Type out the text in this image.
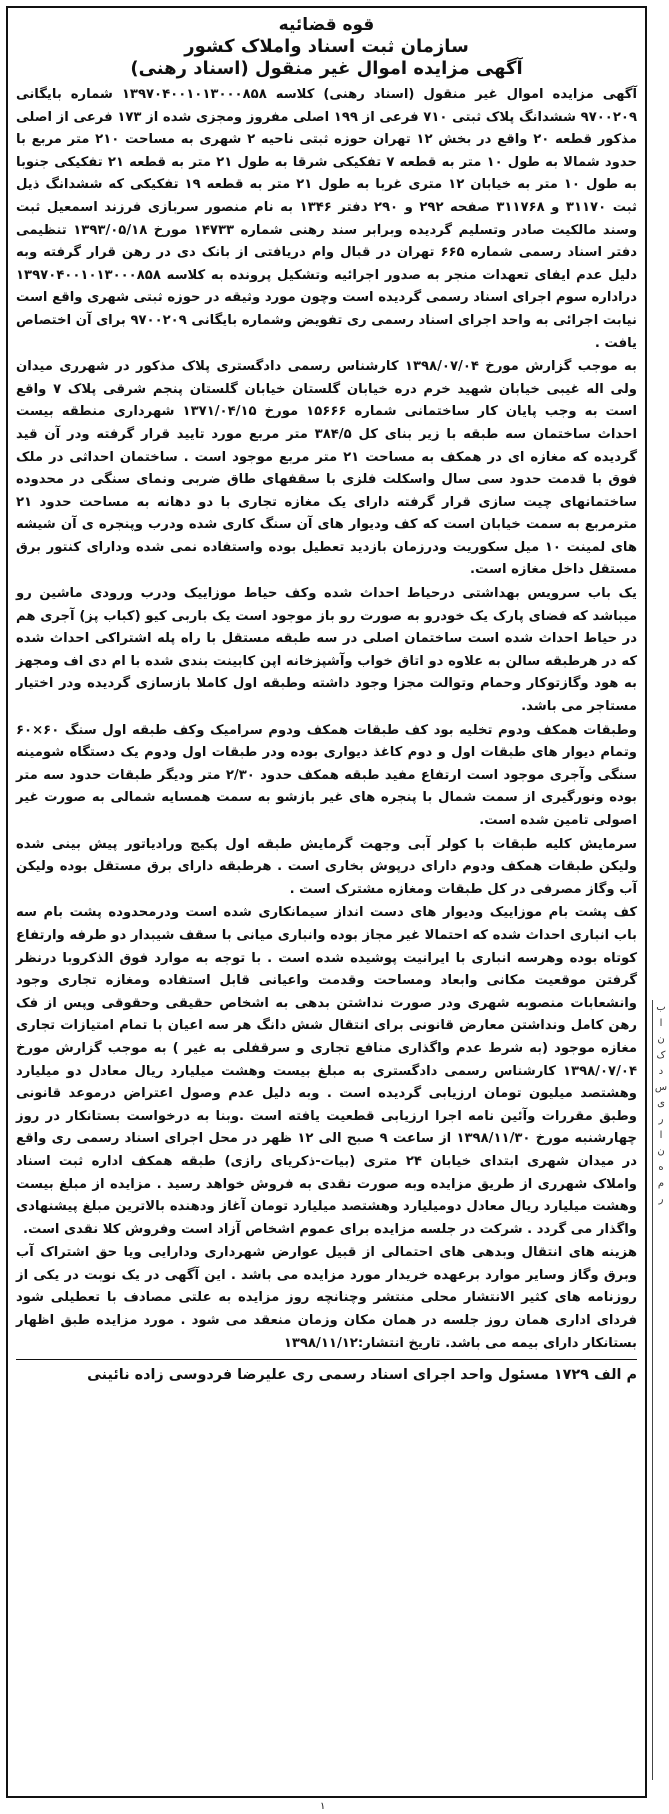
قوه قضائیه
سازمان ثبت اسناد واملاک کشور
آگهی مزایده اموال غیر منقول (اسناد رهنی)

آگهی مزایده اموال غیر منقول (اسناد رهنی) کلاسه ۱۳۹۷۰۴۰۰۱۰۱۳۰۰۰۸۵۸ شماره بایگانی ۹۷۰۰۲۰۹ ششدانگ پلاک ثبتی ۷۱۰ فرعی از ۱۹۹ اصلی مفروز ومجزی شده از ۱۷۳ فرعی از اصلی مذکور قطعه ۲۰ واقع در بخش ۱۲ تهران حوزه ثبتی ناحیه ۲ شهری به مساحت ۲۱۰ متر مربع با حدود شمالا به طول ۱۰ متر به قطعه ۷ تفکیکی شرقا به طول ۲۱ متر به قطعه ۲۱ تفکیکی جنوبا به طول ۱۰ متر به خیابان ۱۲ متری غربا به طول ۲۱ متر به قطعه ۱۹ تفکیکی که ششدانگ ذیل ثبت ۳۱۱۷۰ و ۳۱۱۷۶۸ صفحه ۲۹۲ و ۲۹۰ دفتر ۱۳۴۶ به نام منصور سربازی فرزند اسمعیل ثبت وسند مالکیت صادر وتسلیم گردیده وبرابر سند رهنی شماره ۱۴۷۳۳ مورخ ۱۳۹۳/۰۵/۱۸ تنظیمی دفتر اسناد رسمی شماره ۶۶۵ تهران در قبال وام دریافتی از بانک دی در رهن قرار گرفته وبه دلیل عدم ایفای تعهدات منجر به صدور اجرائیه وتشکیل پرونده به کلاسه ۱۳۹۷۰۴۰۰۱۰۱۳۰۰۰۸۵۸ دراداره سوم اجرای اسناد رسمی گردیده است وچون مورد وثیقه در حوزه ثبتی شهری واقع است نیابت اجرائی به واحد اجرای اسناد رسمی ری تفویض وشماره بایگانی ۹۷۰۰۲۰۹ برای آن اختصاص یافت .

به موجب گزارش مورخ ۱۳۹۸/۰۷/۰۴ کارشناس رسمی دادگستری پلاک مذکور در شهرری میدان ولی اله غیبی خیابان شهید خرم دره خیابان گلستان خیابان گلستان پنجم شرقی پلاک ۷ واقع است به وجب پایان کار ساختمانی شماره ۱۵۶۶۶ مورخ ۱۳۷۱/۰۴/۱۵ شهرداری منطقه بیست احداث ساختمان سه طبقه با زیر بنای کل ۳۸۴/۵ متر مربع مورد تایید قرار گرفته ودر آن قید گردیده که مغازه ای در همکف به مساحت ۲۱ متر مربع موجود است . ساختمان احداثی در ملک فوق با قدمت حدود سی سال واسکلت فلزی با سقفهای طاق ضربی ونمای سنگی در محدوده ساختمانهای چیت سازی قرار گرفته دارای یک مغازه تجاری با دو دهانه به مساحت حدود ۲۱ مترمربع به سمت خیابان است که کف ودیوار های آن سنگ کاری شده ودرب وپنجره ی آن شیشه های لمینت ۱۰ میل سکوریت ودرزمان بازدید تعطیل بوده واستفاده نمی شده ودارای کنتور برق مستقل داخل مغازه است.

یک باب سرویس بهداشتی درحیاط احداث شده وکف حیاط موزاییک ودرب ورودی ماشین رو میباشد که فضای پارک یک خودرو به صورت رو باز موجود است یک باربی کیو (کباب پز) آجری هم در حیاط احداث شده است ساختمان اصلی در سه طبقه مستقل با راه پله اشتراکی احداث شده که در هرطبقه سالن به علاوه دو اتاق خواب وآشپزخانه اپن کابینت بندی شده با ام دی اف ومجهز به هود وگازتوکار وحمام وتوالت مجزا وجود داشته وطبقه اول کاملا بازسازی گردیده ودر اختیار مستاجر می باشد.

وطبقات همکف ودوم تخلیه بود کف طبقات همکف ودوم سرامیک وکف طبقه اول سنگ ۶۰×۶۰ وتمام دیوار های طبقات اول و دوم کاغذ دیواری بوده ودر طبقات اول ودوم یک دستگاه شومینه سنگی وآجری موجود است ارتفاع مفید طبقه همکف حدود ۲/۳۰ متر ودیگر طبقات حدود سه متر بوده ونورگیری از سمت شمال با پنجره های غیر بازشو به سمت همسایه شمالی به صورت غیر اصولی تامین شده است.

سرمایش کلیه طبقات با کولر آبی وجهت گرمایش طبقه اول پکیج ورادیاتور پیش بینی شده ولیکن طبقات همکف ودوم دارای درپوش بخاری است . هرطبقه دارای برق مستقل بوده ولیکن آب وگاز مصرفی در کل طبقات ومغازه مشترک است .

کف پشت بام موزاییک ودیوار های دست انداز سیمانکاری شده است ودرمحدوده پشت بام سه باب انباری احداث شده که احتمالا غیر مجاز بوده وانباری میانی با سقف شیبدار دو طرفه وارتفاع کوتاه بوده وهرسه انباری با ایرانیت پوشیده شده است . با توجه به موارد فوق الذکروبا درنظر گرفتن موقعیت مکانی وابعاد ومساحت وقدمت واعیانی قابل استفاده ومغازه تجاری وجود وانشعابات منصوبه شهری ودر صورت نداشتن بدهی به اشخاص حقیقی وحقوقی وپس از فک رهن کامل ونداشتن معارض قانونی برای انتقال شش دانگ هر سه اعیان با تمام امتیازات تجاری مغازه موجود (به شرط عدم واگذاری منافع تجاری و سرقفلی به غیر ) به موجب گزارش مورخ ۱۳۹۸/۰۷/۰۴ کارشناس رسمی دادگستری به مبلغ بیست وهشت میلیارد ریال معادل دو میلیارد وهشتصد میلیون تومان ارزیابی گردیده است . وبه دلیل عدم وصول اعتراض درموعد قانونی وطبق مقررات وآئین نامه اجرا ارزیابی قطعیت یافته است .وبنا به درخواست بستانکار در روز چهارشنبه مورخ ۱۳۹۸/۱۱/۳۰ از ساعت ۹ صبح الی ۱۲ ظهر در محل اجرای اسناد رسمی ری واقع در میدان شهری ابتدای خیابان ۲۴ متری (بیات-ذکریای رازی) طبقه همکف اداره ثبت اسناد واملاک شهرری از طریق مزایده وبه صورت نقدی به فروش خواهد رسید . مزایده از مبلغ بیست وهشت میلیارد ریال معادل دومیلیارد وهشتصد میلیارد تومان آغاز ودهنده بالاترین مبلغ پیشنهادی واگذار می گردد . شرکت در جلسه مزایده برای عموم اشخاص آزاد است وفروش کلا نقدی است.

هزینه های انتقال وبدهی های احتمالی از قبیل عوارض شهرداری ودارایی ویا حق اشتراک آب وبرق وگاز وسایر موارد برعهده خریدار مورد مزایده می باشد . این آگهی در یک نوبت در یکی از روزنامه های کثیر الانتشار محلی منتشر وچنانچه روز مزایده به علتی مصادف با تعطیلی شود فردای اداری همان روز جلسه در همان مکان وزمان منعقد می شود . مورد مزایده طبق اظهار بستانکار دارای بیمه می باشد. تاریخ انتشار:۱۳۹۸/۱۱/۱۲

م الف ۱۷۲۹ مسئول واحد اجرای اسناد رسمی ری علیرضا فردوسی زاده نائینی
ب
ا
ن
ک
د
س
ی
ر
ا
ن
ه
م
ر
۱
